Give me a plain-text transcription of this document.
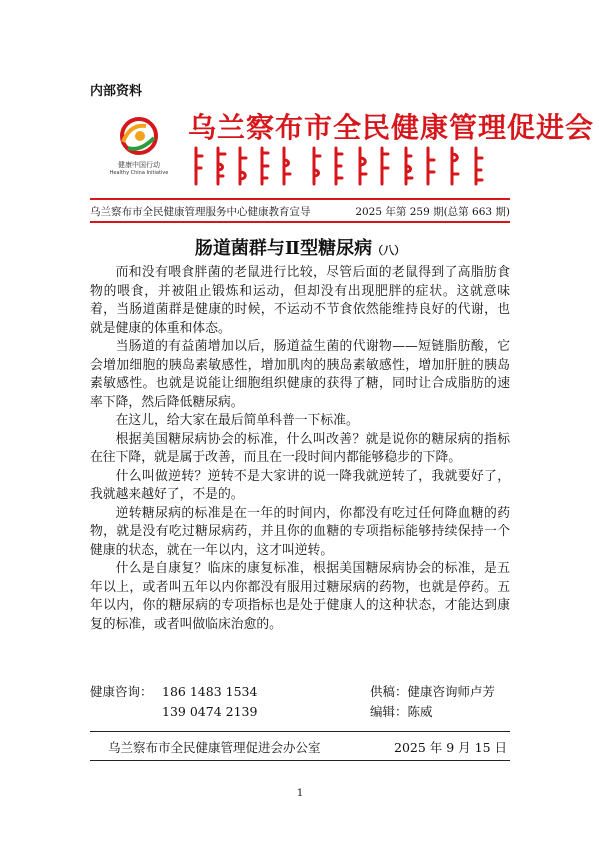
内部资料
健康中国行动
Healthy China Initiative
乌兰察布市全民健康管理促进会
乌兰察布市全民健康管理服务中心健康教育宣导	2025 年第 259 期(总第 663 期)
肠道菌群与Ⅱ型糖尿病（八）

而和没有喂食胖菌的老鼠进行比较，尽管后面的老鼠得到了高脂肪食物的喂食，并被阻止锻炼和运动，但却没有出现肥胖的症状。这就意味着，当肠道菌群是健康的时候，不运动不节食依然能维持良好的代谢，也就是健康的体重和体态。

当肠道的有益菌增加以后，肠道益生菌的代谢物——短链脂肪酸，它会增加细胞的胰岛素敏感性，增加肌肉的胰岛素敏感性，增加肝脏的胰岛素敏感性。也就是说能让细胞组织健康的获得了糖，同时让合成脂肪的速率下降，然后降低糖尿病。

在这儿，给大家在最后简单科普一下标准。

根据美国糖尿病协会的标准，什么叫改善？就是说你的糖尿病的指标在往下降，就是属于改善，而且在一段时间内都能够稳步的下降。

什么叫做逆转？逆转不是大家讲的说一降我就逆转了，我就要好了，我就越来越好了，不是的。

逆转糖尿病的标准是在一年的时间内，你都没有吃过任何降血糖的药物，就是没有吃过糖尿病药，并且你的血糖的专项指标能够持续保持一个健康的状态，就在一年以内，这才叫逆转。

什么是自康复？临床的康复标准，根据美国糖尿病协会的标准，是五年以上，或者叫五年以内你都没有服用过糖尿病的药物，也就是停药。五年以内，你的糖尿病的专项指标也是处于健康人的这种状态，才能达到康复的标准，或者叫做临床治愈的。

健康咨询： 186 1483 1534	供稿：健康咨询师卢芳
139 0474 2139	编辑：陈威
乌兰察布市全民健康管理促进会办公室	2025 年 9 月 15 日
1
